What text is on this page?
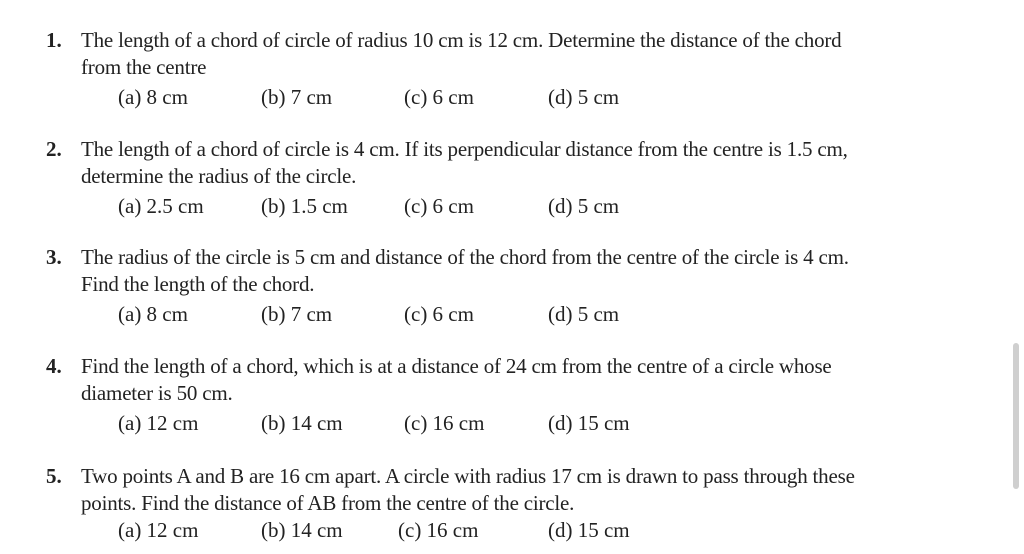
1. The length of a chord of circle of radius 10 cm is 12 cm. Determine the distance of the chord
from the centre
(a) 8 cm	(b) 7 cm	(c) 6 cm	(d) 5 cm
2. The length of a chord of circle is 4 cm. If its perpendicular distance from the centre is 1.5 cm,
determine the radius of the circle.
(a) 2.5 cm	(b) 1.5 cm	(c) 6 cm	(d) 5 cm
3. The radius of the circle is 5 cm and distance of the chord from the centre of the circle is 4 cm.
Find the length of the chord.
(a) 8 cm	(b) 7 cm	(c) 6 cm	(d) 5 cm
4. Find the length of a chord, which is at a distance of 24 cm from the centre of a circle whose
diameter is 50 cm.
(a) 12 cm	(b) 14 cm	(c) 16 cm	(d) 15 cm
5. Two points A and B are 16 cm apart. A circle with radius 17 cm is drawn to pass through these
points. Find the distance of AB from the centre of the circle.
(a) 12 cm	(b) 14 cm	(c) 16 cm	(d) 15 cm
